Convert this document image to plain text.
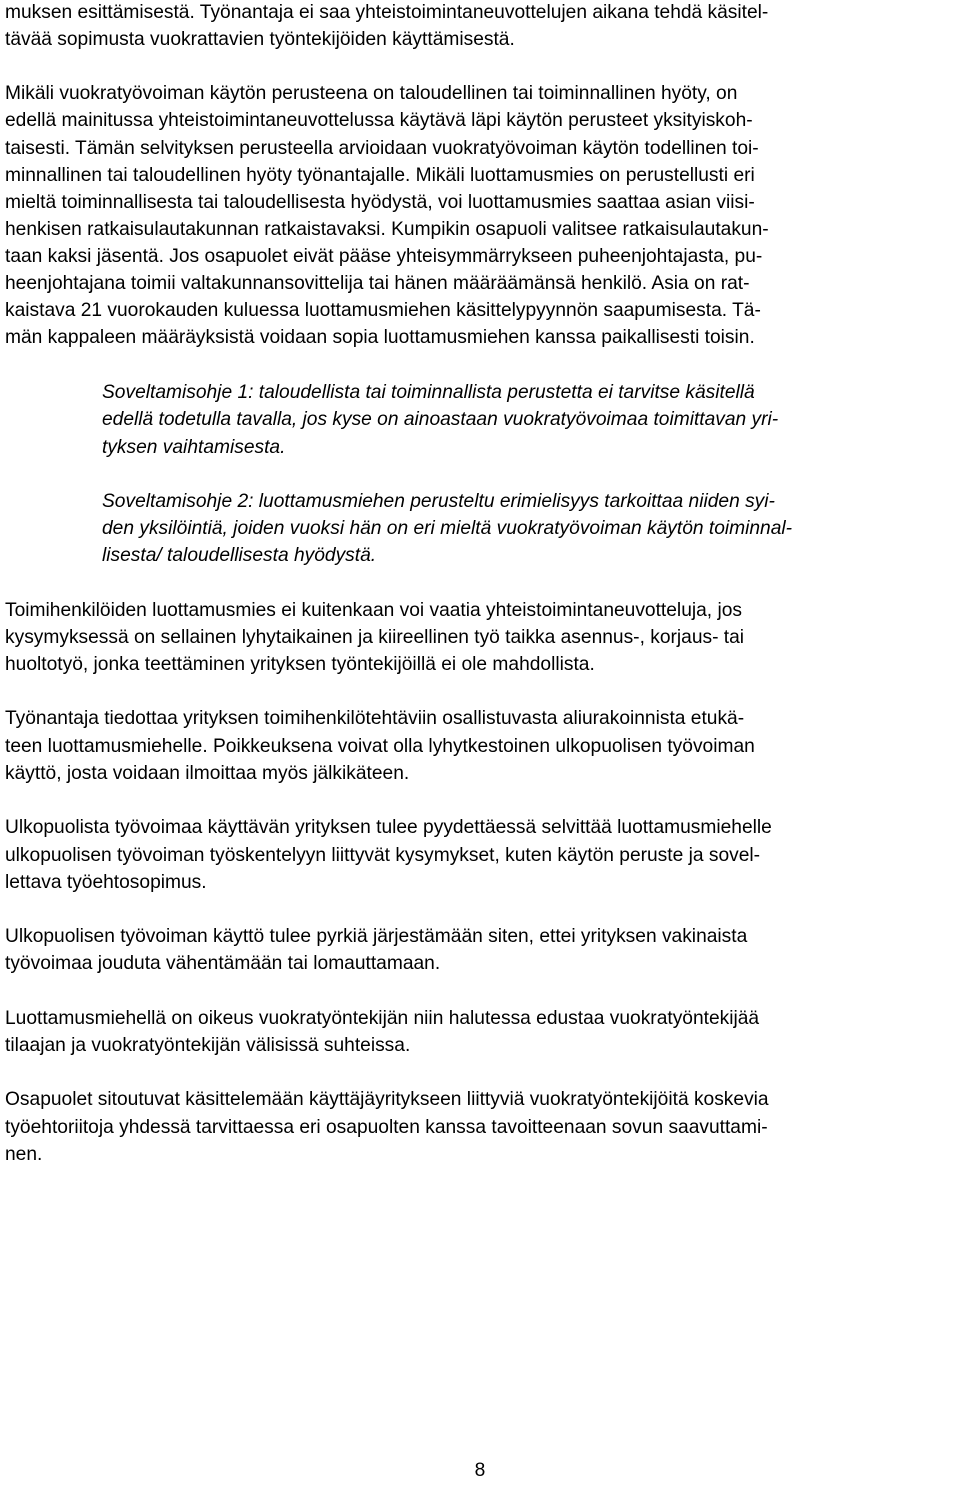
muksen esittämisestä. Työnantaja ei saa yhteistoimintaneuvottelujen aikana tehdä käsitel-
tävää sopimusta vuokrattavien työntekijöiden käyttämisestä.
Mikäli vuokratyövoiman käytön perusteena on taloudellinen tai toiminnallinen hyöty, on
edellä mainitussa yhteistoimintaneuvottelussa käytävä läpi käytön perusteet yksityiskoh-
taisesti. Tämän selvityksen perusteella arvioidaan vuokratyövoiman käytön todellinen toi-
minnallinen tai taloudellinen hyöty työnantajalle. Mikäli luottamusmies on perustellusti eri
mieltä toiminnallisesta tai taloudellisesta hyödystä, voi luottamusmies saattaa asian viisi-
henkisen ratkaisulautakunnan ratkaistavaksi. Kumpikin osapuoli valitsee ratkaisulautakun-
taan kaksi jäsentä. Jos osapuolet eivät pääse yhteisymmärrykseen puheenjohtajasta, pu-
heenjohtajana toimii valtakunnansovittelija tai hänen määräämänsä henkilö. Asia on rat-
kaistava 21 vuorokauden kuluessa luottamusmiehen käsittelypyynnön saapumisesta. Tä-
män kappaleen määräyksistä voidaan sopia luottamusmiehen kanssa paikallisesti toisin.
Soveltamisohje 1: taloudellista tai toiminnallista perustetta ei tarvitse käsitellä
edellä todetulla tavalla, jos kyse on ainoastaan vuokratyövoimaa toimittavan yri-
tyksen vaihtamisesta.
Soveltamisohje 2: luottamusmiehen perusteltu erimielisyys tarkoittaa niiden syi-
den yksilöintiä, joiden vuoksi hän on eri mieltä vuokratyövoiman käytön toiminnal-
lisesta/ taloudellisesta hyödystä.
Toimihenkilöiden luottamusmies ei kuitenkaan voi vaatia yhteistoimintaneuvotteluja, jos
kysymyksessä on sellainen lyhytaikainen ja kiireellinen työ taikka asennus-, korjaus- tai
huoltotyö, jonka teettäminen yrityksen työntekijöillä ei ole mahdollista.
Työnantaja tiedottaa yrityksen toimihenkilötehtäviin osallistuvasta aliurakoinnista etukä-
teen luottamusmiehelle. Poikkeuksena voivat olla lyhytkestoinen ulkopuolisen työvoiman
käyttö, josta voidaan ilmoittaa myös jälkikäteen.
Ulkopuolista työvoimaa käyttävän yrityksen tulee pyydettäessä selvittää luottamusmiehelle
ulkopuolisen työvoiman työskentelyyn liittyvät kysymykset, kuten käytön peruste ja sovel-
lettava työehtosopimus.
Ulkopuolisen työvoiman käyttö tulee pyrkiä järjestämään siten, ettei yrityksen vakinaista
työvoimaa jouduta vähentämään tai lomauttamaan.
Luottamusmiehellä on oikeus vuokratyöntekijän niin halutessa edustaa vuokratyöntekijää
tilaajan ja vuokratyöntekijän välisissä suhteissa.
Osapuolet sitoutuvat käsittelemään käyttäjäyritykseen liittyviä vuokratyöntekijöitä koskevia
työehtoriitoja yhdessä tarvittaessa eri osapuolten kanssa tavoitteenaan sovun saavuttami-
nen.
8
